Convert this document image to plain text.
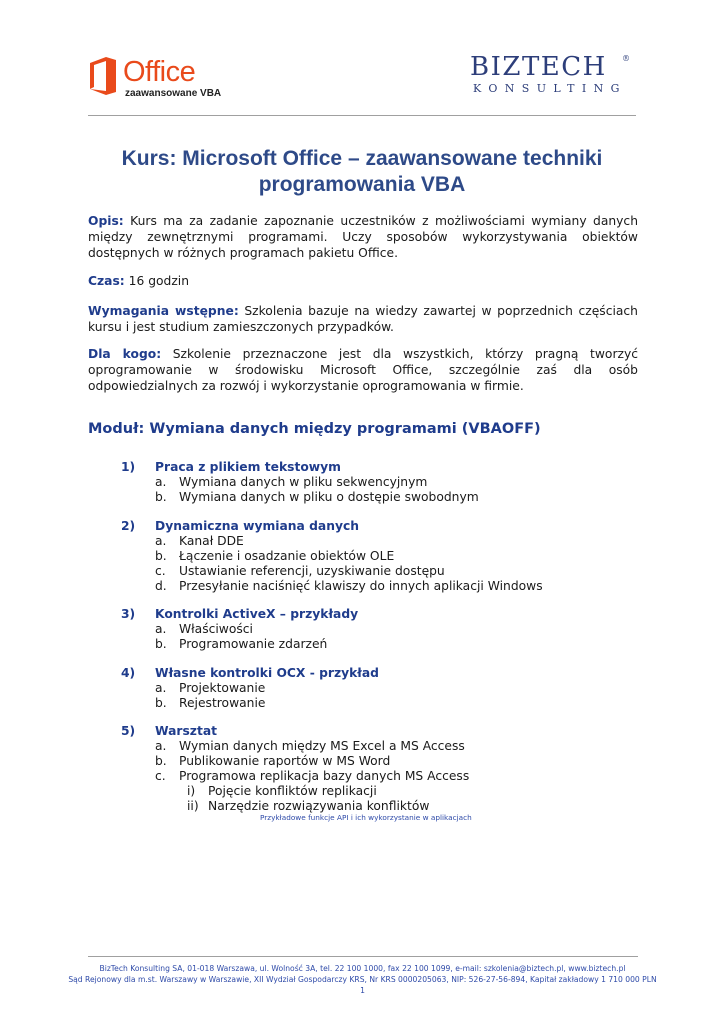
Office
zaawansowane VBA
BIZTECH ®
KONSULTING
Kurs: Microsoft Office – zaawansowane techniki programowania VBA
Opis: Kurs ma za zadanie zapoznanie uczestników z możliwościami wymiany danych między zewnętrznymi programami. Uczy sposobów wykorzystywania obiektów dostępnych w różnych programach pakietu Office.
Czas: 16 godzin
Wymagania wstępne: Szkolenia bazuje na wiedzy zawartej w poprzednich częściach kursu i jest studium zamieszczonych przypadków.
Dla kogo: Szkolenie przeznaczone jest dla wszystkich, którzy pragną tworzyć oprogramowanie w środowisku Microsoft Office, szczególnie zaś dla osób odpowiedzialnych za rozwój i wykorzystanie oprogramowania w firmie.
Moduł: Wymiana danych między programami (VBAOFF)
1) Praca z plikiem tekstowym
a. Wymiana danych w pliku sekwencyjnym
b. Wymiana danych w pliku o dostępie swobodnym
2) Dynamiczna wymiana danych
a. Kanał DDE
b. Łączenie i osadzanie obiektów OLE
c. Ustawianie referencji, uzyskiwanie dostępu
d. Przesyłanie naciśnięć klawiszy do innych aplikacji Windows
3) Kontrolki ActiveX – przykłady
a. Właściwości
b. Programowanie zdarzeń
4) Własne kontrolki OCX - przykład
a. Projektowanie
b. Rejestrowanie
5) Warsztat
a. Wymian danych między MS Excel a MS Access
b. Publikowanie raportów w MS Word
c. Programowa replikacja bazy danych MS Access
i) Pojęcie konfliktów replikacji
ii) Narzędzie rozwiązywania konfliktów
Przykładowe funkcje API i ich wykorzystanie w aplikacjach
BizTech Konsulting SA, 01-018 Warszawa, ul. Wolność 3A, tel. 22 100 1000, fax 22 100 1099, e-mail: szkolenia@biztech.pl, www.biztech.pl
Sąd Rejonowy dla m.st. Warszawy w Warszawie, XII Wydział Gospodarczy KRS, Nr KRS 0000205063, NIP: 526-27-56-894, Kapitał zakładowy 1 710 000 PLN
1
